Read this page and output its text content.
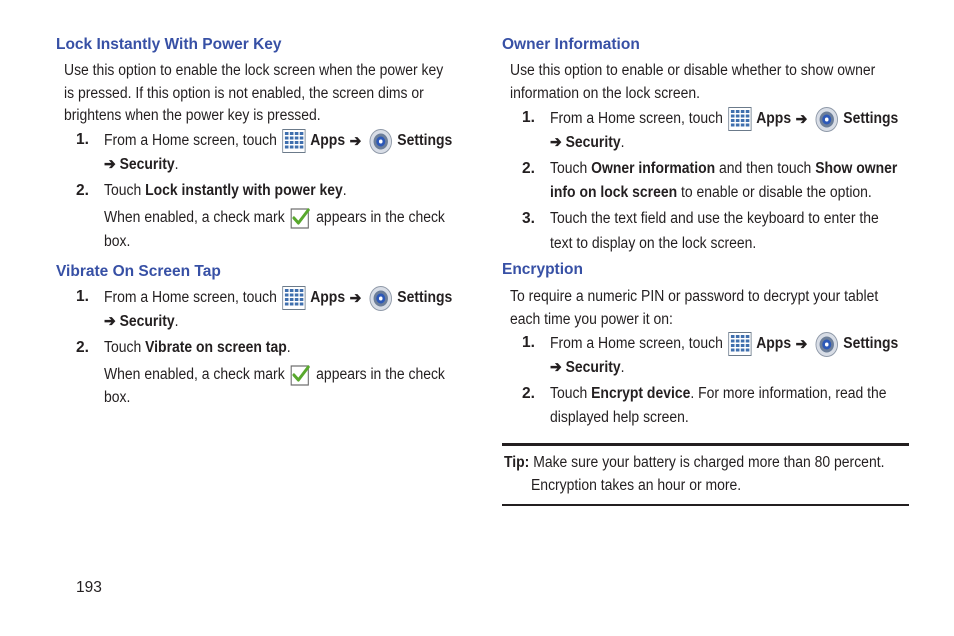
Lock Instantly With Power Key
Use this option to enable the lock screen when the power key
is pressed. If this option is not enabled, the screen dims or
brightens when the power key is pressed.
1. From a Home screen, touch Apps ➔ Settings
➔
Security .
2. Touch
Lock instantly with power key .
When enabled, a check mark appears in the check
box.
Vibrate On Screen Tap
1. From a Home screen, touch Apps ➔ Settings
➔
Security .
2. Touch
Vibrate on screen tap .
When enabled, a check mark appears in the check
box.
Owner Information
Use this option to enable or disable whether to show owner
information on the lock screen.
1. From a Home screen, touch Apps ➔ Settings
➔
Security .
2. Touch
Owner information
and then touch
Show owner
info on lock screen
to enable or disable the option.
3. Touch the text field and use the keyboard to enter the
text to display on the lock screen.
Encryption
To require a numeric PIN or password to decrypt your tablet
each time you power it on:
1. From a Home screen, touch Apps ➔ Settings
➔
Security .
2. Touch
Encrypt device . For more information, read the
displayed help screen.
Tip:
Make sure your battery is charged more than 80 percent.
Encryption takes an hour or more.
193
